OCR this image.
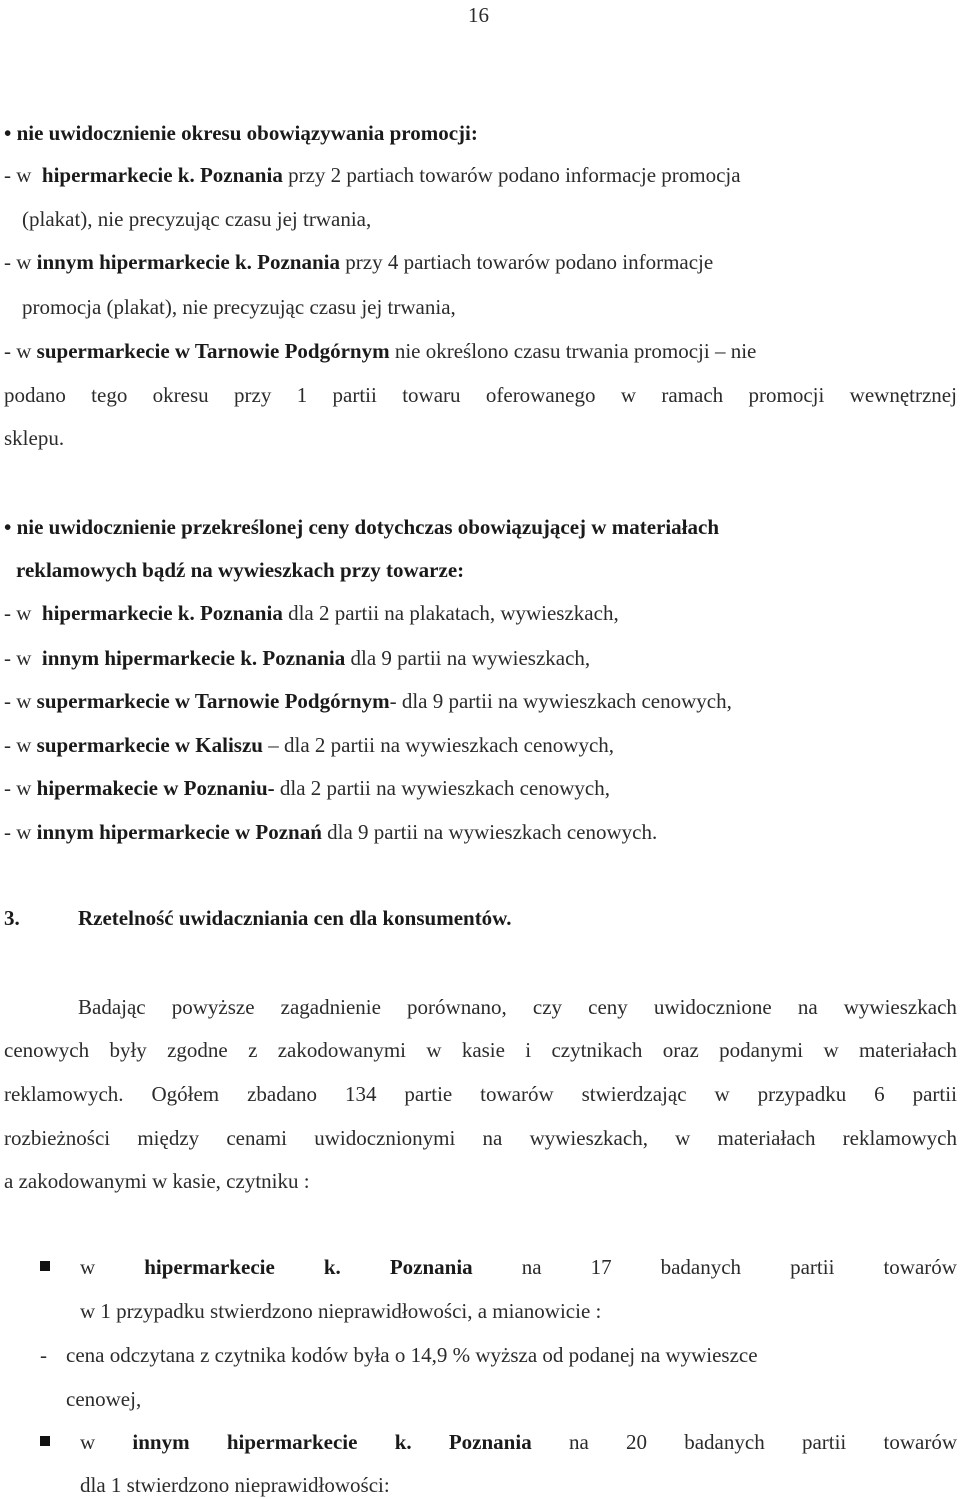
16
• nie uwidocznienie okresu obowiązywania promocji:
- w hipermarkecie k. Poznania przy 2 partiach towarów podano informacje promocja
(plakat), nie precyzując czasu jej trwania,
- w innym hipermarkecie k. Poznania przy 4 partiach towarów podano informacje
promocja (plakat), nie precyzując czasu jej trwania,
- w supermarkecie w Tarnowie Podgórnym nie określono czasu trwania promocji – nie
podano tego okresu przy 1 partii towaru oferowanego w ramach promocji wewnętrznej
sklepu.
• nie uwidocznienie przekreślonej ceny dotychczas obowiązującej w materiałach
reklamowych bądź na wywieszkach przy towarze:
- w hipermarkecie k. Poznania dla 2 partii na plakatach, wywieszkach,
- w innym hipermarkecie k. Poznania dla 9 partii na wywieszkach,
- w supermarkecie w Tarnowie Podgórnym- dla 9 partii na wywieszkach cenowych,
- w supermarkecie w Kaliszu – dla 2 partii na wywieszkach cenowych,
- w hipermakecie w Poznaniu- dla 2 partii na wywieszkach cenowych,
- w innym hipermarkecie w Poznań dla 9 partii na wywieszkach cenowych.
3.	Rzetelność uwidaczniania cen dla konsumentów.
Badając powyższe zagadnienie porównano, czy ceny uwidocznione na wywieszkach
cenowych były zgodne z zakodowanymi w kasie i czytnikach oraz podanymi w materiałach
reklamowych. Ogółem zbadano 134 partie towarów stwierdzając w przypadku 6 partii
rozbieżności między cenami uwidocznionymi na wywieszkach, w materiałach reklamowych
a zakodowanymi w kasie, czytniku :
w hipermarkecie k. Poznania na 17 badanych partii towarów
w 1 przypadku stwierdzono nieprawidłowości, a mianowicie :
- cena odczytana z czytnika kodów była o 14,9 % wyższa od podanej na wywieszce
cenowej,
w innym hipermarkecie k. Poznania na 20 badanych partii towarów
dla 1 stwierdzono nieprawidłowości:
